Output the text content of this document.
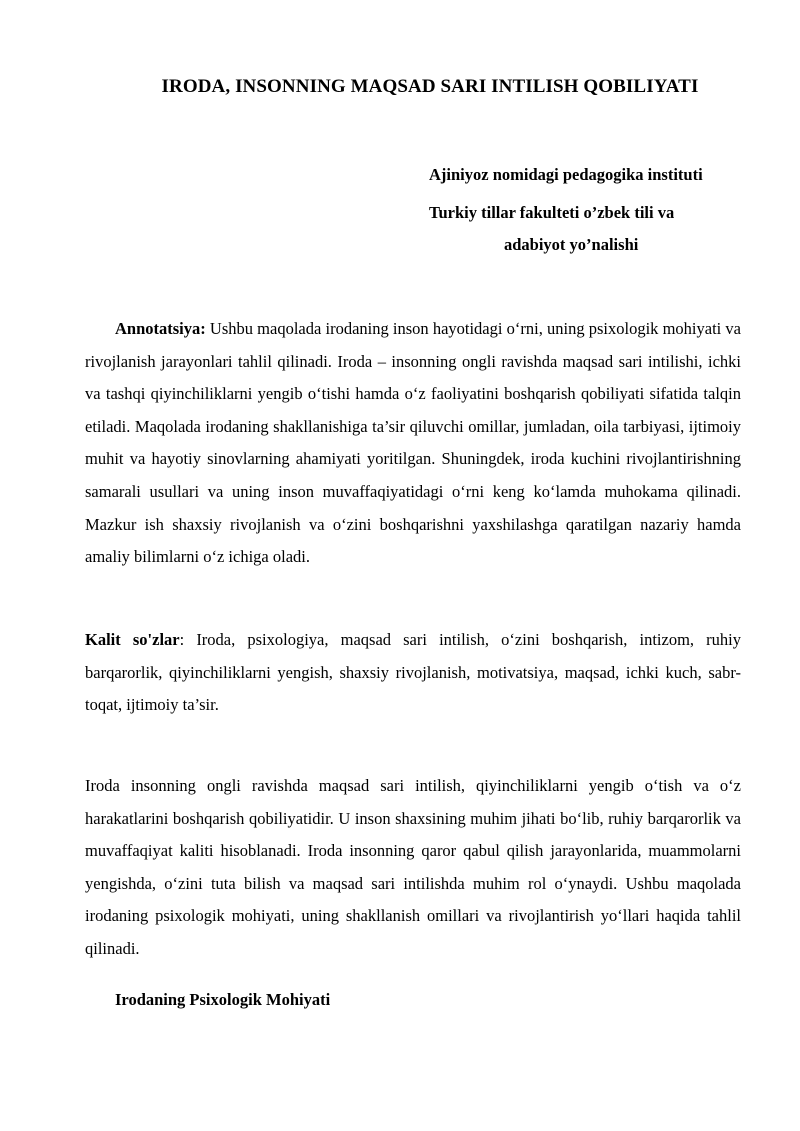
IRODA, INSONNING MAQSAD SARI INTILISH QOBILIYATI

Ajiniyoz nomidagi pedagogika instituti

Turkiy tillar fakulteti o’zbek tili va

adabiyot yo’nalishi

Annotatsiya: Ushbu maqolada irodaning inson hayotidagi o‘rni, uning psixologik mohiyati va rivojlanish jarayonlari tahlil qilinadi. Iroda – insonning ongli ravishda maqsad sari intilishi, ichki va tashqi qiyinchiliklarni yengib o‘tishi hamda o‘z faoliyatini boshqarish qobiliyati sifatida talqin etiladi. Maqolada irodaning shakllanishiga ta’sir qiluvchi omillar, jumladan, oila tarbiyasi, ijtimoiy muhit va hayotiy sinovlarning ahamiyati yoritilgan. Shuningdek, iroda kuchini rivojlantirishning samarali usullari va uning inson muvaffaqiyatidagi o‘rni keng ko‘lamda muhokama qilinadi. Mazkur ish shaxsiy rivojlanish va o‘zini boshqarishni yaxshilashga qaratilgan nazariy hamda amaliy bilimlarni o‘z ichiga oladi.

Kalit so'zlar: Iroda, psixologiya, maqsad sari intilish, o‘zini boshqarish, intizom, ruhiy barqarorlik, qiyinchiliklarni yengish, shaxsiy rivojlanish, motivatsiya, maqsad, ichki kuch, sabr-toqat, ijtimoiy ta’sir.

Iroda insonning ongli ravishda maqsad sari intilish, qiyinchiliklarni yengib o‘tish va o‘z harakatlarini boshqarish qobiliyatidir. U inson shaxsining muhim jihati bo‘lib, ruhiy barqarorlik va muvaffaqiyat kaliti hisoblanadi. Iroda insonning qaror qabul qilish jarayonlarida, muammolarni yengishda, o‘zini tuta bilish va maqsad sari intilishda muhim rol o‘ynaydi. Ushbu maqolada irodaning psixologik mohiyati, uning shakllanish omillari va rivojlantirish yo‘llari haqida tahlil qilinadi.

Irodaning Psixologik Mohiyati
